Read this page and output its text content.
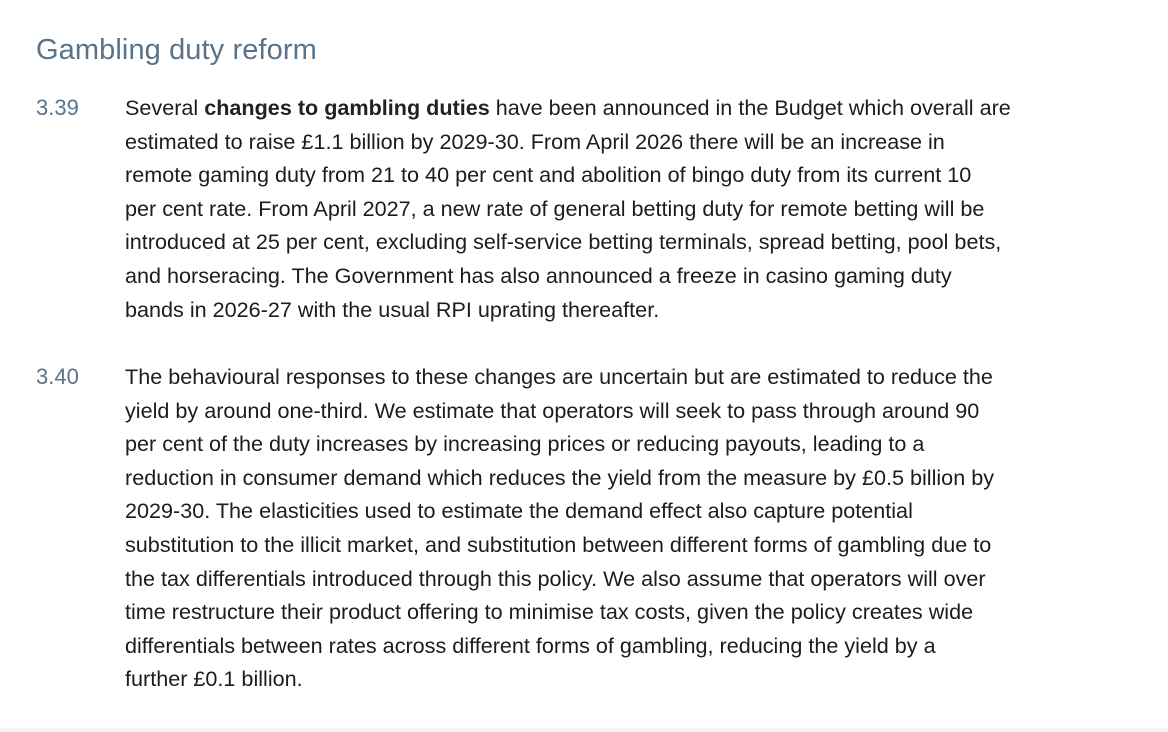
Gambling duty reform
3.39 Several changes to gambling duties have been announced in the Budget which overall are
estimated to raise £1.1 billion by 2029-30. From April 2026 there will be an increase in
remote gaming duty from 21 to 40 per cent and abolition of bingo duty from its current 10
per cent rate. From April 2027, a new rate of general betting duty for remote betting will be
introduced at 25 per cent, excluding self-service betting terminals, spread betting, pool bets,
and horseracing. The Government has also announced a freeze in casino gaming duty
bands in 2026-27 with the usual RPI uprating thereafter.
3.40 The behavioural responses to these changes are uncertain but are estimated to reduce the
yield by around one-third. We estimate that operators will seek to pass through around 90
per cent of the duty increases by increasing prices or reducing payouts, leading to a
reduction in consumer demand which reduces the yield from the measure by £0.5 billion by
2029-30. The elasticities used to estimate the demand effect also capture potential
substitution to the illicit market, and substitution between different forms of gambling due to
the tax differentials introduced through this policy. We also assume that operators will over
time restructure their product offering to minimise tax costs, given the policy creates wide
differentials between rates across different forms of gambling, reducing the yield by a
further £0.1 billion.
